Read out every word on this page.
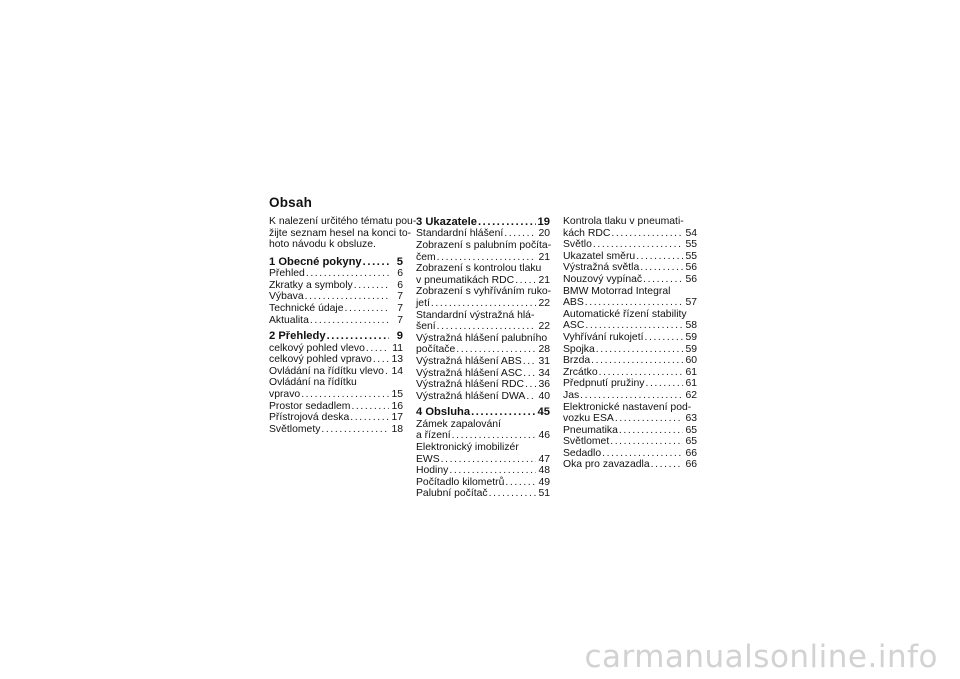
Obsah
K nalezení určitého tématu pou-
žijte seznam hesel na konci to-
hoto návodu k obsluze.
1 Obecné pokyny .....	5
Přehled .....	6
Zkratky a symboly .....	6
Výbava .....	7
Technické údaje .....	7
Aktualita .....	7
2 Přehledy .....	9
celkový pohled vlevo .....	11
celkový pohled vpravo ..... 13
Ovládání na řídítku vlevo ..... 14
Ovládání na řídítku
vpravo .....	15
Prostor sedadlem .....	16
Přístrojová deska .....	17
Světlomety .....	18
3 Ukazatele .....	19
Standardní hlášení .....	20
Zobrazení s palubním počíta-
čem .....	21
Zobrazení s kontrolou tlaku
v pneumatikách RDC ..... 21
Zobrazení s vyhříváním ruko-
jetí .....	22
Standardní výstražná hlá-
šení .....	22
Výstražná hlášení palubního
počítače .....	28
Výstražná hlášení ABS ..... 31
Výstražná hlášení ASC ..... 34
Výstražná hlášení RDC ..... 36
Výstražná hlášení DWA ..... 40
4 Obsluha .....	45
Zámek zapalování
a řízení .....	46
Elektronický imobilizér
EWS .....	47
Hodiny .....	48
Počítadlo kilometrů .....	49
Palubní počítač .....	51
Kontrola tlaku v pneumati-
kách RDC .....	54
Světlo .....	55
Ukazatel směru .....	55
Výstražná světla .....	56
Nouzový vypínač .....	56
BMW Motorrad Integral
ABS .....	57
Automatické řízení stability
ASC .....	58
Vyhřívání rukojetí .....	59
Spojka .....	59
Brzda .....	60
Zrcátko .....	61
Předpnutí pružiny .....	61
Jas .....	62
Elektronické nastavení pod-
vozku ESA .....	63
Pneumatika .....	65
Světlomet .....	65
Sedadlo .....	66
Oka pro zavazadla .....	66
carmanualsonline.info
